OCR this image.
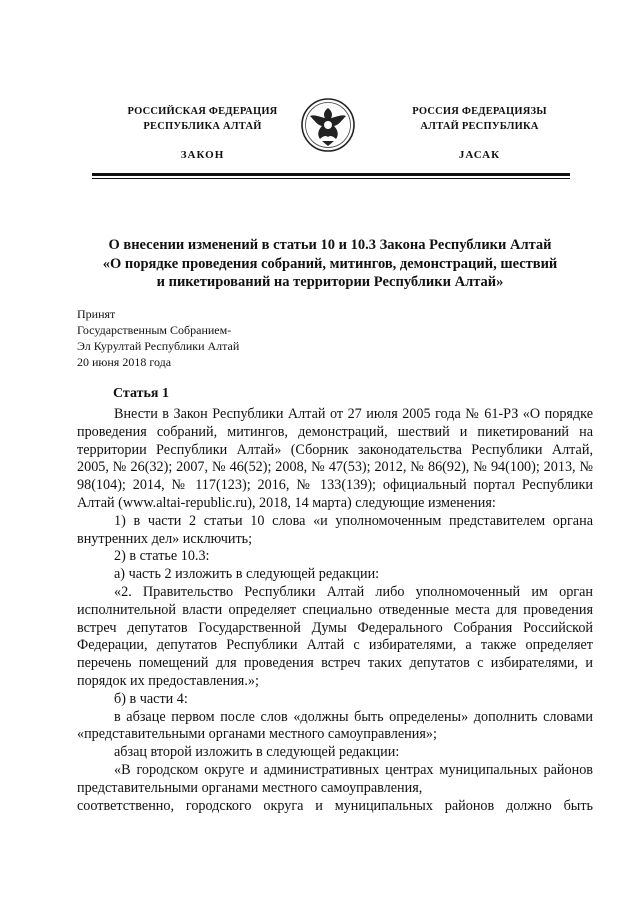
РОССИЙСКАЯ ФЕДЕРАЦИЯ
РЕСПУБЛИКА АЛТАЙ
ЗАКОН
РОССИЯ ФЕДЕРАЦИЯЗЫ
АЛТАЙ РЕСПУБЛИКА
ЈАСАК
О внесении изменений в статьи 10 и 10.3 Закона Республики Алтай
«О порядке проведения собраний, митингов, демонстраций, шествий
и пикетирований на территории Республики Алтай»
Принят
Государственным Собранием-
Эл Курултай Республики Алтай
20 июня 2018 года
Статья 1

Внести в Закон Республики Алтай от 27 июля 2005 года № 61-РЗ «О порядке проведения собраний, митингов, демонстраций, шествий и пикетирований на территории Республики Алтай» (Сборник законодательства Республики Алтай, 2005, № 26(32); 2007, № 46(52); 2008, № 47(53); 2012, № 86(92), № 94(100); 2013, № 98(104); 2014, № 117(123); 2016, № 133(139); официальный портал Республики Алтай (www.altai-republic.ru), 2018, 14 марта) следующие изменения:

1) в части 2 статьи 10 слова «и уполномоченным представителем органа внутренних дел» исключить;

2) в статье 10.3:

а) часть 2 изложить в следующей редакции:

«2. Правительство Республики Алтай либо уполномоченный им орган исполнительной власти определяет специально отведенные места для проведения встреч депутатов Государственной Думы Федерального Собрания Российской Федерации, депутатов Республики Алтай с избирателями, а также определяет перечень помещений для проведения встреч таких депутатов с избирателями, и порядок их предоставления.»;

б) в части 4:

в абзаце первом после слов «должны быть определены» дополнить словами «представительными органами местного самоуправления»;

абзац второй изложить в следующей редакции:

«В городском округе и административных центрах муниципальных районов представительными органами местного самоуправления,

соответственно, городского округа и муниципальных районов должно быть
